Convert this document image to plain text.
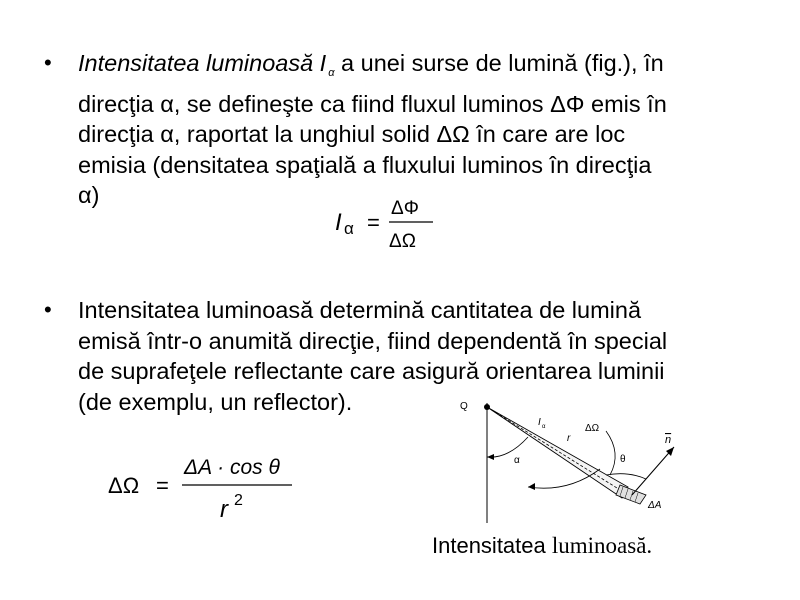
• Intensitatea luminoasă I $_\alpha$ a unei surse de lumină (fig.), în
direcţia α, se defineşte ca fiind fluxul luminos ΔΦ emis în
direcţia α, raportat la unghiul solid ΔΩ în care are loc
emisia (densitatea spaţială a fluxului luminos în direcţia
α)
I α =
ΔΦ
ΔΩ
• Intensitatea luminoasă determină cantitatea de lumină
emisă într-o anumită direcţie, fiind dependentă în special
de suprafeţele reflectante care asigură orientarea luminii
(de exemplu, un reflector).
ΔΩ =
ΔA · cos θ
r 2
Q
n
I α
r
ΔΩ
α	θ
ΔA
Intensitatea luminoasă.
